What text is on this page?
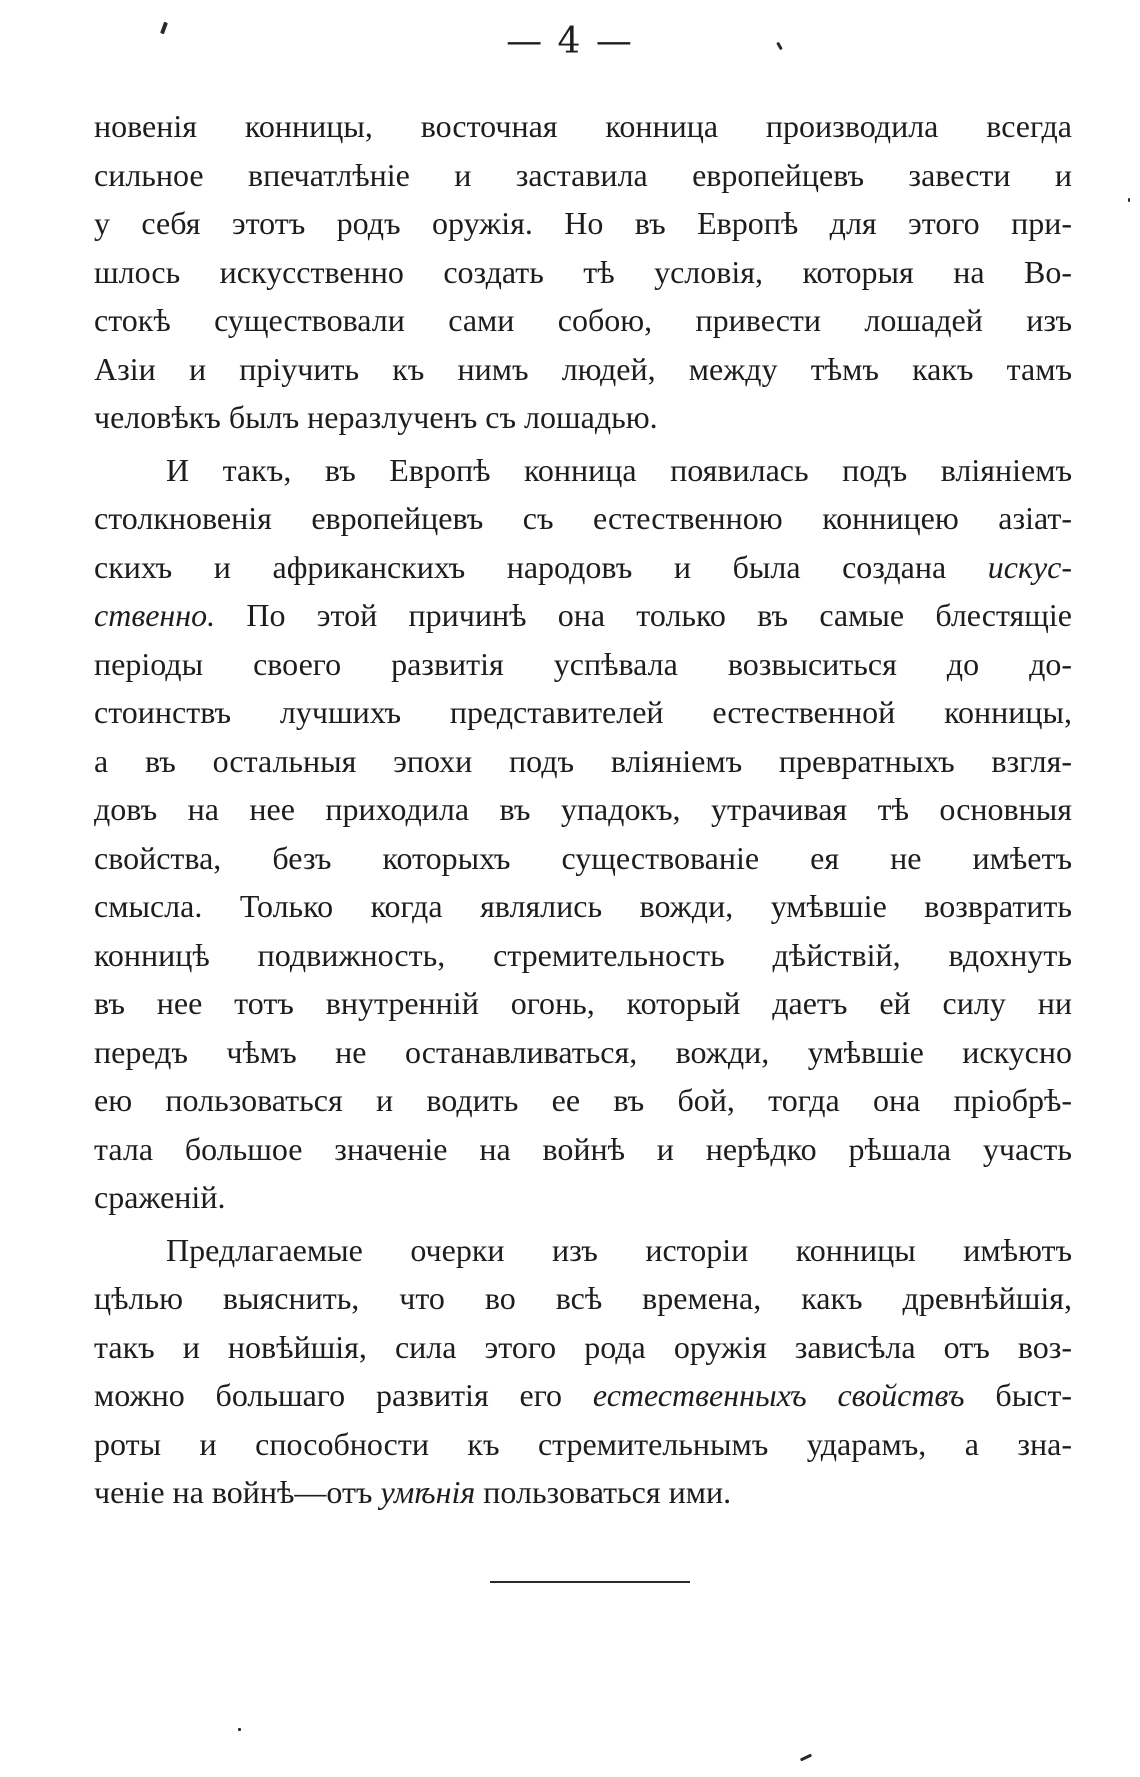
— 4 —
новенія конницы, восточная конница производила всегда
сильное впечатлѣніе и заставила европейцевъ завести и
у себя этотъ родъ оружія. Но въ Европѣ для этого при-
шлось искусственно создать тѣ условія, которыя на Во-
стокѣ существовали сами собою, привести лошадей изъ
Азіи и пріучить къ нимъ людей, между тѣмъ какъ тамъ
человѣкъ былъ неразлученъ съ лошадью.
И такъ, въ Европѣ конница появилась подъ вліяніемъ
столкновенія европейцевъ съ естественною конницею азіат-
скихъ и африканскихъ народовъ и была создана искус-
ственно. По этой причинѣ она только въ самые блестящіе
періоды своего развитія успѣвала возвыситься до до-
стоинствъ лучшихъ представителей естественной конницы,
а въ остальныя эпохи подъ вліяніемъ превратныхъ взгля-
довъ на нее приходила въ упадокъ, утрачивая тѣ основныя
свойства, безъ которыхъ существованіе ея не имѣетъ
смысла. Только когда являлись вожди, умѣвшіе возвратить
конницѣ подвижность, стремительность дѣйствій, вдохнуть
въ нее тотъ внутренній огонь, который даетъ ей силу ни
передъ чѣмъ не останавливаться, вожди, умѣвшіе искусно
ею пользоваться и водить ее въ бой, тогда она пріобрѣ-
тала большое значеніе на войнѣ и нерѣдко рѣшала участь
сраженій.
Предлагаемые очерки изъ исторіи конницы имѣютъ
цѣлью выяснить, что во всѣ времена, какъ древнѣйшія,
такъ и новѣйшія, сила этого рода оружія зависѣла отъ воз-
можно большаго развитія его естественныхъ свойствъ быст-
роты и способности къ стремительнымъ ударамъ, а зна-
ченіе на войнѣ—отъ умѣнія пользоваться ими.
